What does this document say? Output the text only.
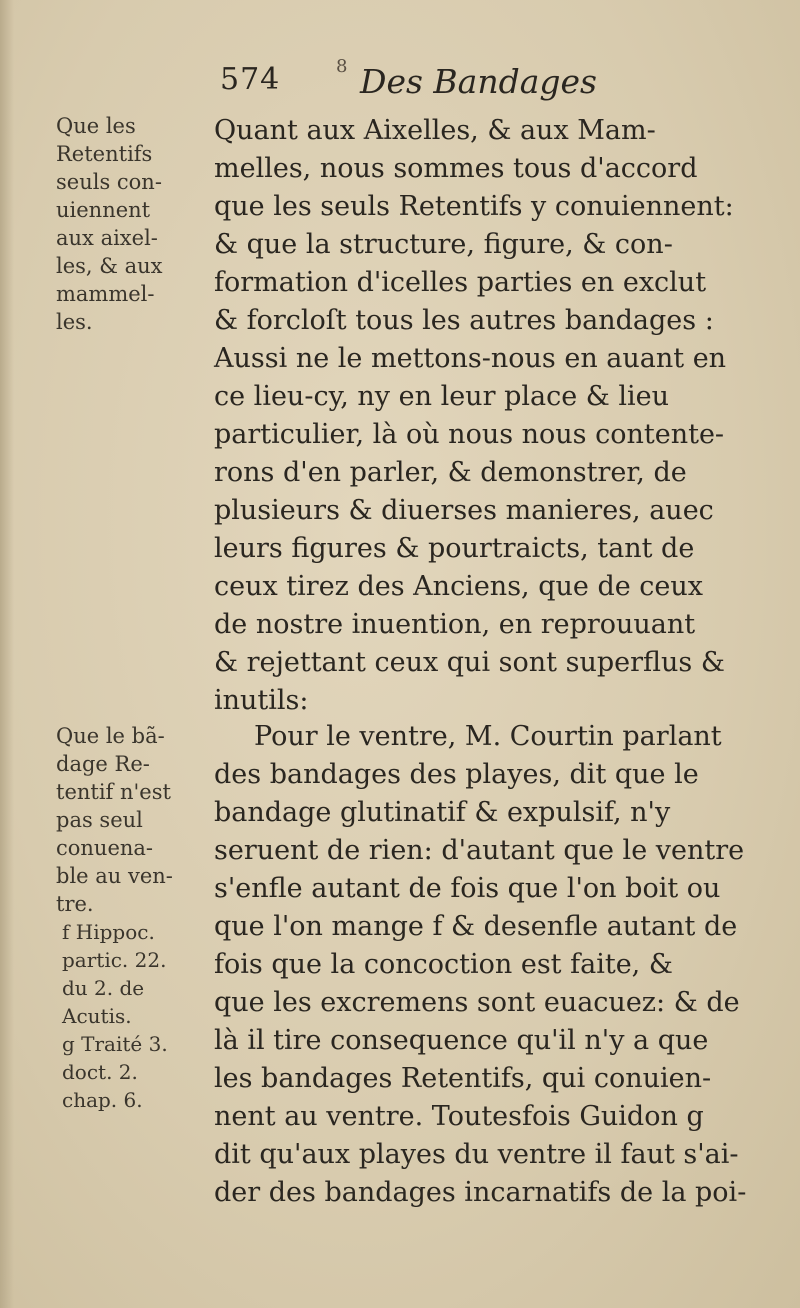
574	8 Des Bandages
Que les
Retentifs
seuls con-
uiennent
aux aixel-
les, & aux
mammel-
les.
Que le bã-
dage Re-
tentif n'est
pas seul
conuena-
ble au ven-
tre.
f Hippoc.
partic. 22.
du 2. de
Acutis.
g Traité 3.
doct. 2.
chap. 6.
Quant aux Aixelles, & aux Mam-
melles, nous sommes tous d'accord
que les seuls Retentifs y conuiennent:
& que la structure, figure, & con-
formation d'icelles parties en exclut
& forcloſt tous les autres bandages :
Aussi ne le mettons-nous en auant en
ce lieu-cy, ny en leur place & lieu
particulier, là où nous nous contente-
rons d'en parler, & demonstrer, de
plusieurs & diuerses manieres, auec
leurs figures & pourtraicts, tant de
ceux tirez des Anciens, que de ceux
de nostre inuention, en reprouuant
& rejettant ceux qui sont superflus &
inutils:
Pour le ventre, M. Courtin parlant
des bandages des playes, dit que le
bandage glutinatif & expulsif, n'y
seruent de rien: d'autant que le ventre
s'enfle autant de fois que l'on boit ou
que l'on mange f & desenfle autant de
fois que la concoction est faite, &
que les excremens sont euacuez: & de
là il tire consequence qu'il n'y a que
les bandages Retentifs, qui conuien-
nent au ventre. Toutesfois Guidon g
dit qu'aux playes du ventre il faut s'ai-
der des bandages incarnatifs de la poi-
